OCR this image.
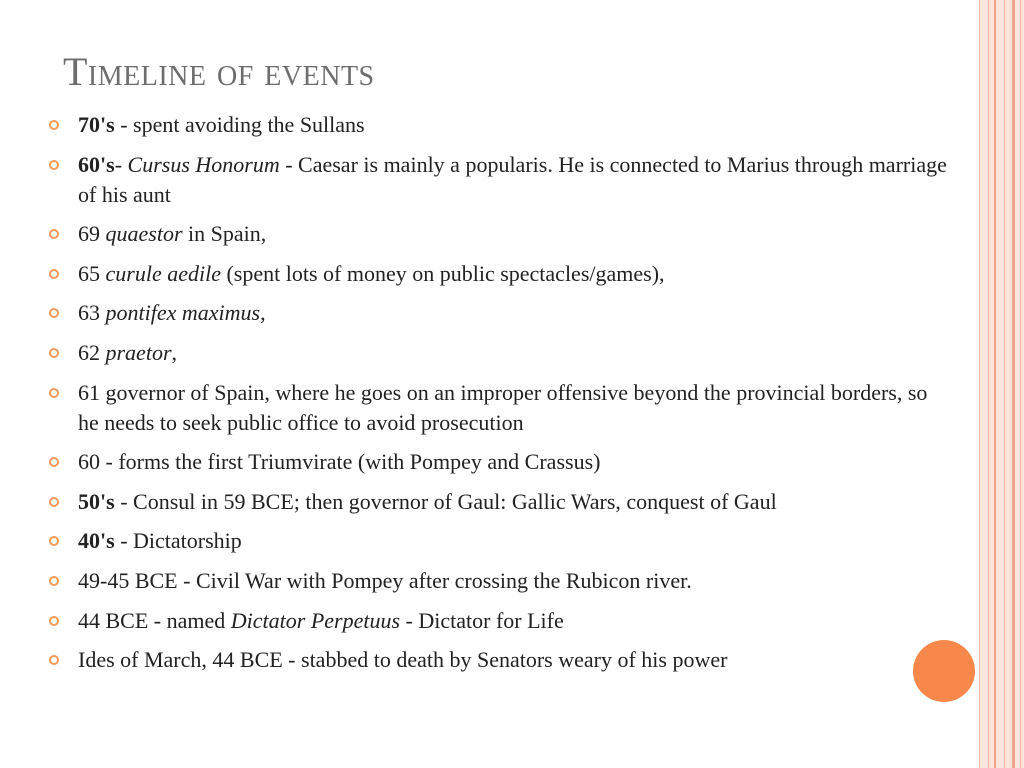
Timeline of events
70's - spent avoiding the Sullans
60's- Cursus Honorum - Caesar is mainly a popularis. He is connected to Marius through marriage of his aunt
69 quaestor in Spain,
65 curule aedile (spent lots of money on public spectacles/games),
63 pontifex maximus,
62 praetor,
61 governor of Spain, where he goes on an improper offensive beyond the provincial borders, so he needs to seek public office to avoid prosecution
60 - forms the first Triumvirate (with Pompey and Crassus)
50's - Consul in 59 BCE; then governor of Gaul: Gallic Wars, conquest of Gaul
40's - Dictatorship
49-45 BCE - Civil War with Pompey after crossing the Rubicon river.
44 BCE - named Dictator Perpetuus - Dictator for Life
Ides of March, 44 BCE - stabbed to death by Senators weary of his power
